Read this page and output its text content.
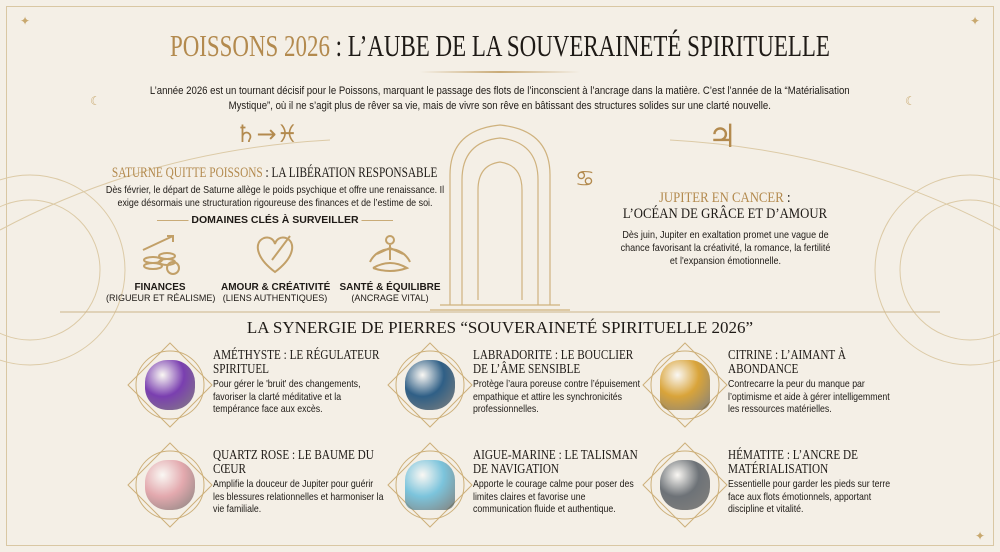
✦	✦
☾	☾
✦
POISSONS 2026 : L’AUBE DE LA SOUVERAINETÉ SPIRITUELLE
L’année 2026 est un tournant décisif pour le Poissons, marquant le passage des flots de l’inconscient à l’ancrage dans la matière. C’est l’année de la “Matérialisation Mystique”, où il ne s’agit plus de rêver sa vie, mais de vivre son rêve en bâtissant des structures solides sur une clarté nouvelle.
♄→♓
SATURNE QUITTE POISSONS : LA LIBÉRATION RESPONSABLE
Dès février, le départ de Saturne allège le poids psychique et offre une renaissance. Il exige désormais une structuration rigoureuse des finances et de l’estime de soi.
——— DOMAINES CLÉS À SURVEILLER ———
FINANCES
(RIGUEUR ET RÉALISME)
AMOUR & CRÉATIVITÉ
(LIENS AUTHENTIQUES)
SANTÉ & ÉQUILIBRE
(ANCRAGE VITAL)
♃
♋
JUPITER EN CANCER :
L’OCÉAN DE GRÂCE ET D’AMOUR
Dès juin, Jupiter en exaltation promet une vague de chance favorisant la créativité, la romance, la fertilité et l'expansion émotionnelle.
LA SYNERGIE DE PIERRES “SOUVERAINETÉ SPIRITUELLE 2026”
AMÉTHYSTE : LE RÉGULATEUR SPIRITUEL
Pour gérer le 'bruit' des changements, favoriser la clarté méditative et la tempérance face aux excès.
LABRADORITE : LE BOUCLIER DE L’ÂME SENSIBLE
Protège l’aura poreuse contre l’épuisement empathique et attire les synchronicités professionnelles.
CITRINE : L’AIMANT À ABONDANCE
Contrecarre la peur du manque par l’optimisme et aide à gérer intelligemment les ressources matérielles.
QUARTZ ROSE : LE BAUME DU CŒUR
Amplifie la douceur de Jupiter pour guérir les blessures relationnelles et harmoniser la vie familiale.
AIGUE-MARINE : LE TALISMAN DE NAVIGATION
Apporte le courage calme pour poser des limites claires et favorise une communication fluide et authentique.
HÉMATITE : L’ANCRE DE MATÉRIALISATION
Essentielle pour garder les pieds sur terre face aux flots émotionnels, apportant discipline et vitalité.
